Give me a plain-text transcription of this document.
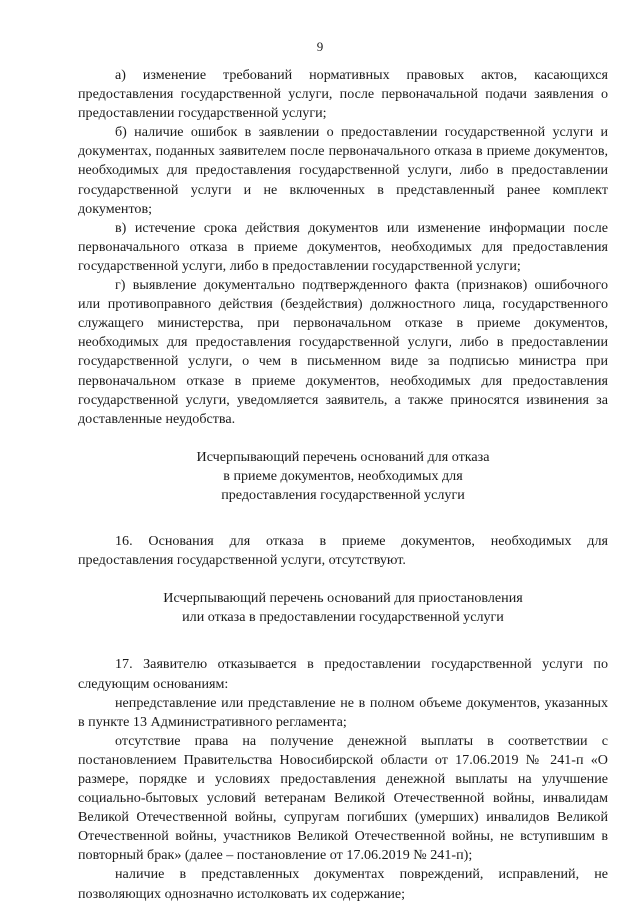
9

а) изменение требований нормативных правовых актов, касающихся предоставления государственной услуги, после первоначальной подачи заявления о предоставлении государственной услуги;

б) наличие ошибок в заявлении о предоставлении государственной услуги и документах, поданных заявителем после первоначального отказа в приеме документов, необходимых для предоставления государственной услуги, либо в предоставлении государственной услуги и не включенных в представленный ранее комплект документов;

в) истечение срока действия документов или изменение информации после первоначального отказа в приеме документов, необходимых для предоставления государственной услуги, либо в предоставлении государственной услуги;

г) выявление документально подтвержденного факта (признаков) ошибочного или противоправного действия (бездействия) должностного лица, государственного служащего министерства, при первоначальном отказе в приеме документов, необходимых для предоставления государственной услуги, либо в предоставлении государственной услуги, о чем в письменном виде за подписью министра при первоначальном отказе в приеме документов, необходимых для предоставления государственной услуги, уведомляется заявитель, а также приносятся извинения за доставленные неудобства.

Исчерпывающий перечень оснований для отказа
в приеме документов, необходимых для
предоставления государственной услуги

16. Основания для отказа в приеме документов, необходимых для предоставления государственной услуги, отсутствуют.

Исчерпывающий перечень оснований для приостановления
или отказа в предоставлении государственной услуги

17. Заявителю отказывается в предоставлении государственной услуги по следующим основаниям:

непредставление или представление не в полном объеме документов, указанных в пункте 13 Административного регламента;

отсутствие права на получение денежной выплаты в соответствии с постановлением Правительства Новосибирской области от 17.06.2019 № 241-п «О размере, порядке и условиях предоставления денежной выплаты на улучшение социально-бытовых условий ветеранам Великой Отечественной войны, инвалидам Великой Отечественной войны, супругам погибших (умерших) инвалидов Великой Отечественной войны, участников Великой Отечественной войны, не вступившим в повторный брак» (далее – постановление от 17.06.2019 № 241-п);

наличие в представленных документах повреждений, исправлений, не позволяющих однозначно истолковать их содержание;
